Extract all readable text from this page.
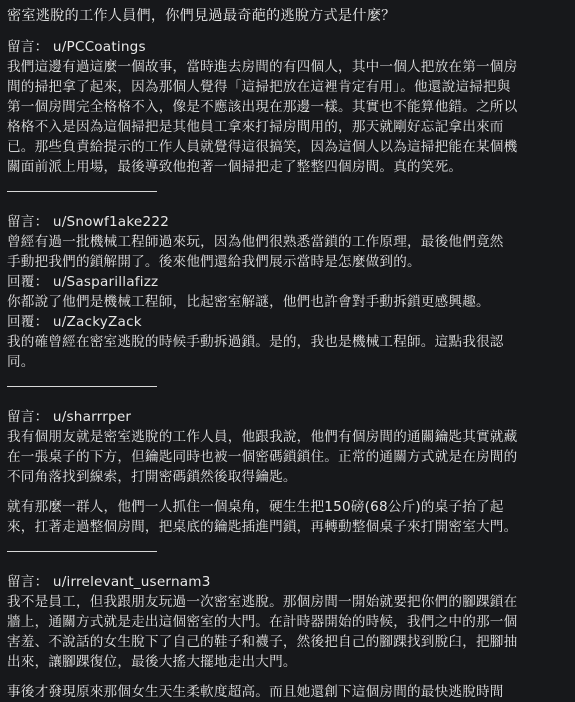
密室逃脫的工作人員們，你們見過最奇葩的逃脫方式是什麼？
留言： u/PCCoatings
我們這邊有過這麼一個故事，當時進去房間的有四個人，其中一個人把放在第一個房
間的掃把拿了起來，因為那個人覺得「這掃把放在這裡肯定有用」。他還說這掃把與
第一個房間完全格格不入，像是不應該出現在那邊一樣。其實也不能算他錯。之所以
格格不入是因為這個掃把是其他員工拿來打掃房間用的，那天就剛好忘記拿出來而
已。那些負責給提示的工作人員就覺得這很搞笑，因為這個人以為這掃把能在某個機
關面前派上用場，最後導致他抱著一個掃把走了整整四個房間。真的笑死。
留言： u/Snowf1ake222
曾經有過一批機械工程師過來玩，因為他們很熟悉當鎖的工作原理，最後他們竟然
手動把我們的鎖解開了。後來他們還給我們展示當時是怎麼做到的。
回覆： u/Sasparillafizz
你都說了他們是機械工程師，比起密室解謎，他們也許會對手動拆鎖更感興趣。
回覆： u/ZackyZack
我的確曾經在密室逃脫的時候手動拆過鎖。是的，我也是機械工程師。這點我很認
同。
留言： u/sharrrper
我有個朋友就是密室逃脫的工作人員，他跟我說，他們有個房間的通關鑰匙其實就藏
在一張桌子的下方，但鑰匙同時也被一個密碼鎖鎖住。正常的通關方式就是在房間的
不同角落找到線索，打開密碼鎖然後取得鑰匙。
就有那麼一群人，他們一人抓住一個桌角，硬生生把150磅(68公斤)的桌子抬了起
來，扛著走過整個房間，把桌底的鑰匙插進門鎖，再轉動整個桌子來打開密室大門。
留言： u/irrelevant_usernam3
我不是員工，但我跟朋友玩過一次密室逃脫。那個房間一開始就要把你們的腳踝鎖在
牆上，通關方式就是走出這個密室的大門。在計時器開始的時候，我們之中的那一個
害羞、不說話的女生脫下了自己的鞋子和襪子，然後把自己的腳踝找到脫臼，把腳抽
出來，讓腳踝復位，最後大搖大擺地走出大門。
事後才發現原來那個女生天生柔軟度超高。而且她還創下這個房間的最快逃脫時間
